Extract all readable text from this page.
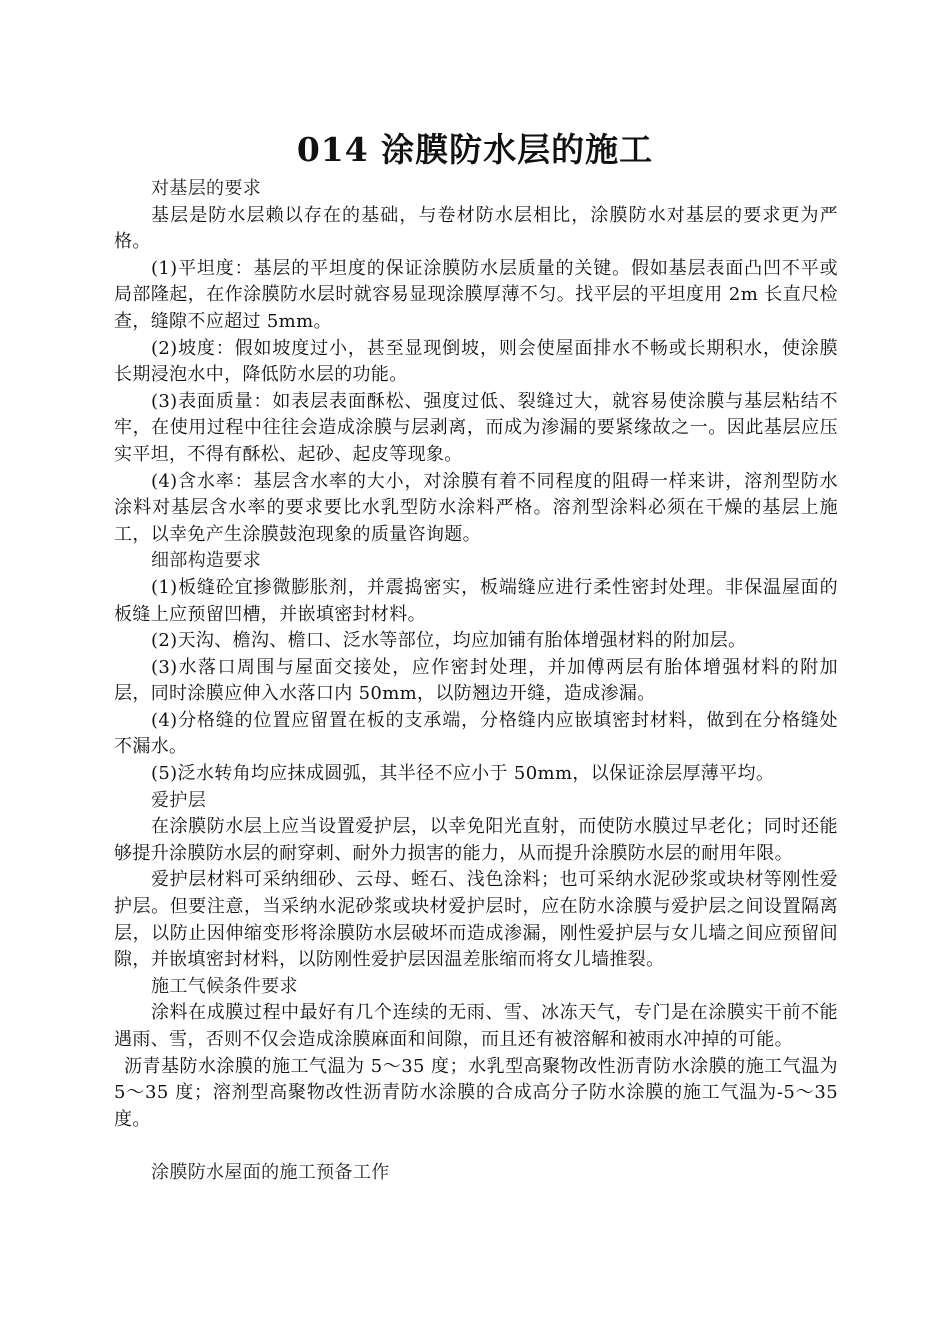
014 涂膜防水层的施工

对基层的要求

基层是防水层赖以存在的基础，与卷材防水层相比，涂膜防水对基层的要求更为严格。

(1)平坦度：基层的平坦度的保证涂膜防水层质量的关键。假如基层表面凸凹不平或局部隆起，在作涂膜防水层时就容易显现涂膜厚薄不匀。找平层的平坦度用 2m 长直尺检查，缝隙不应超过 5mm。

(2)坡度：假如坡度过小，甚至显现倒坡，则会使屋面排水不畅或长期积水，使涂膜长期浸泡水中，降低防水层的功能。

(3)表面质量：如表层表面酥松、强度过低、裂缝过大，就容易使涂膜与基层粘结不牢，在使用过程中往往会造成涂膜与层剥离，而成为渗漏的要紧缘故之一。因此基层应压实平坦，不得有酥松、起砂、起皮等现象。

(4)含水率：基层含水率的大小，对涂膜有着不同程度的阻碍一样来讲，溶剂型防水涂料对基层含水率的要求要比水乳型防水涂料严格。溶剂型涂料必须在干燥的基层上施工，以幸免产生涂膜鼓泡现象的质量咨询题。

细部构造要求

(1)板缝砼宜掺微膨胀剂，并震捣密实，板端缝应进行柔性密封处理。非保温屋面的板缝上应预留凹槽，并嵌填密封材料。

(2)天沟、檐沟、檐口、泛水等部位，均应加铺有胎体增强材料的附加层。

(3)水落口周围与屋面交接处，应作密封处理，并加傅两层有胎体增强材料的附加层，同时涂膜应伸入水落口内 50mm，以防翘边开缝，造成渗漏。

(4)分格缝的位置应留置在板的支承端，分格缝内应嵌填密封材料，做到在分格缝处不漏水。

(5)泛水转角均应抹成圆弧，其半径不应小于 50mm，以保证涂层厚薄平均。

爱护层

在涂膜防水层上应当设置爱护层，以幸免阳光直射，而使防水膜过早老化；同时还能够提升涂膜防水层的耐穿刺、耐外力损害的能力，从而提升涂膜防水层的耐用年限。

爱护层材料可采纳细砂、云母、蛭石、浅色涂料；也可采纳水泥砂浆或块材等刚性爱护层。但要注意，当采纳水泥砂浆或块材爱护层时，应在防水涂膜与爱护层之间设置隔离层，以防止因伸缩变形将涂膜防水层破坏而造成渗漏，刚性爱护层与女儿墙之间应预留间隙，并嵌填密封材料，以防刚性爱护层因温差胀缩而将女儿墙推裂。

施工气候条件要求

涂料在成膜过程中最好有几个连续的无雨、雪、冰冻天气，专门是在涂膜实干前不能遇雨、雪，否则不仅会造成涂膜麻面和间隙，而且还有被溶解和被雨水冲掉的可能。

沥青基防水涂膜的施工气温为 5～35 度；水乳型高聚物改性沥青防水涂膜的施工气温为 5～35 度；溶剂型高聚物改性沥青防水涂膜的合成高分子防水涂膜的施工气温为-5～35 度。

涂膜防水屋面的施工预备工作
